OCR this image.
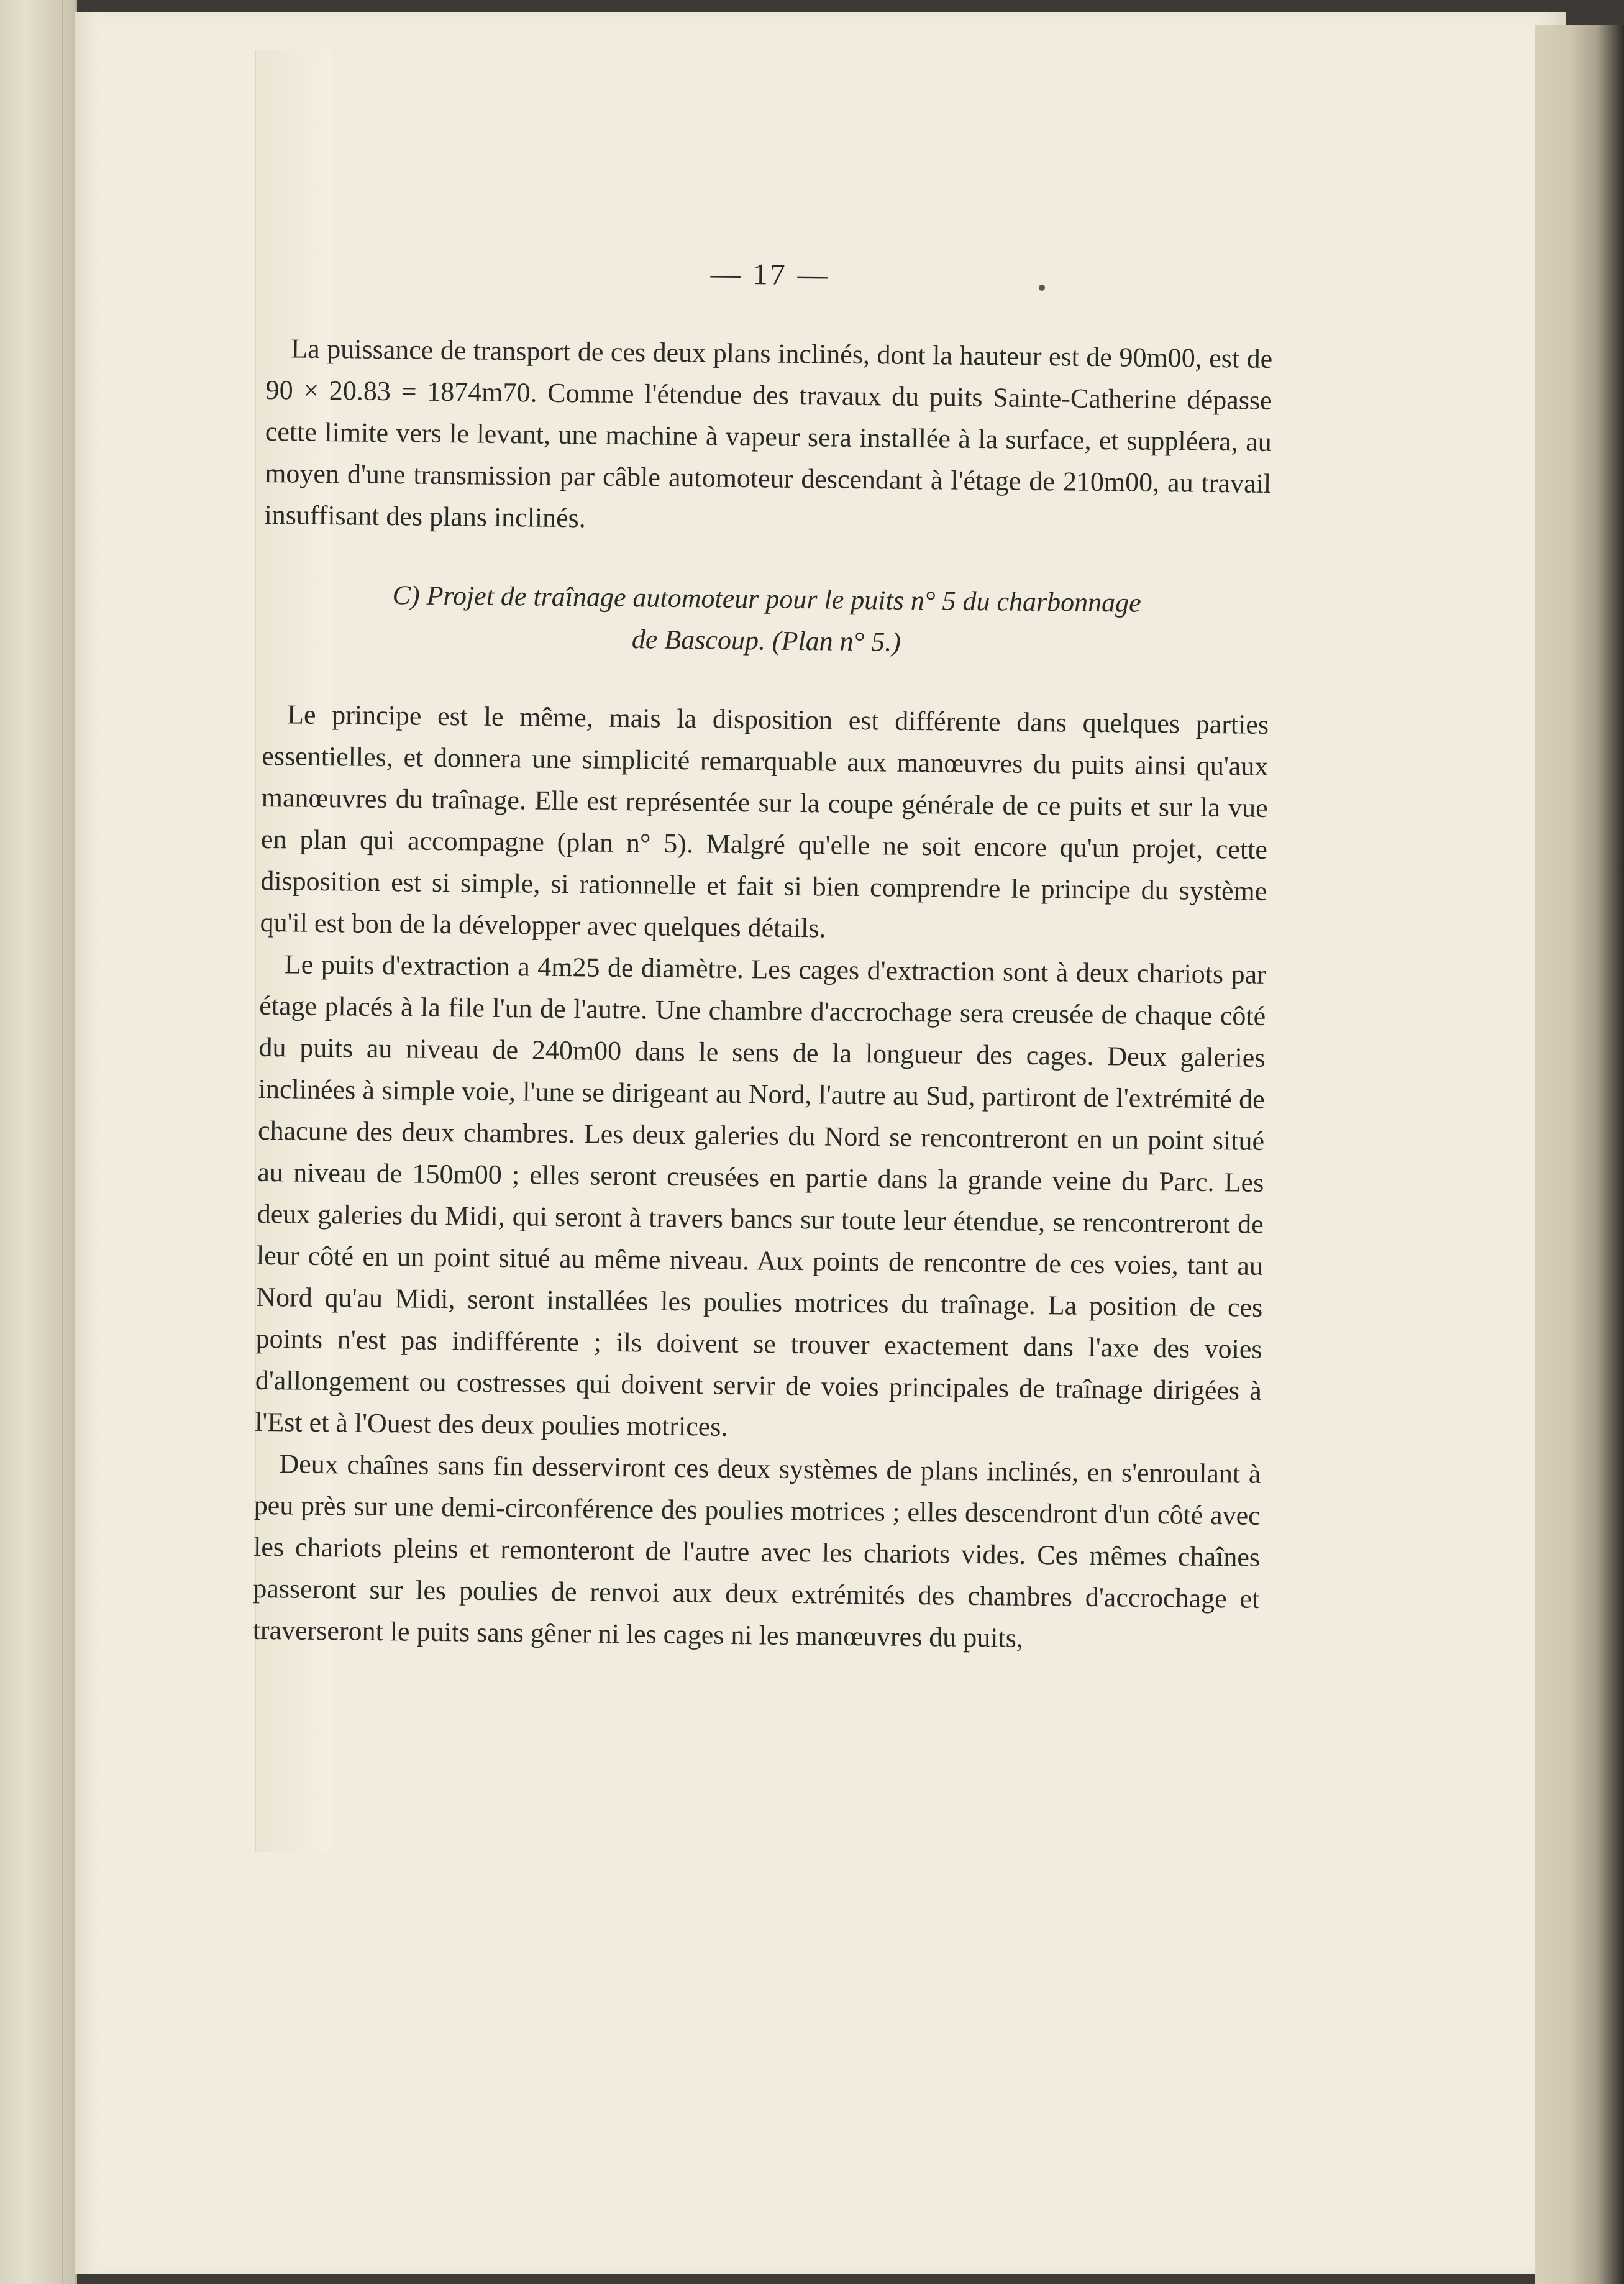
— 17 —

La puissance de transport de ces deux plans inclinés, dont la hauteur est de 90m00, est de 90 × 20.83 = 1874m70. Comme l'étendue des travaux du puits Sainte-Catherine dépasse cette limite vers le levant, une machine à vapeur sera installée à la surface, et suppléera, au moyen d'une transmission par câble automoteur descendant à l'étage de 210m00, au travail insuffisant des plans inclinés.

C) Projet de traînage automoteur pour le puits n° 5 du charbonnage
de Bascoup. (Plan n° 5.)

Le principe est le même, mais la disposition est différente dans quelques parties essentielles, et donnera une simplicité remarquable aux manœuvres du puits ainsi qu'aux manœuvres du traînage. Elle est représentée sur la coupe générale de ce puits et sur la vue en plan qui accompagne (plan n° 5). Malgré qu'elle ne soit encore qu'un projet, cette disposition est si simple, si rationnelle et fait si bien comprendre le principe du système qu'il est bon de la développer avec quelques détails.

Le puits d'extraction a 4m25 de diamètre. Les cages d'extraction sont à deux chariots par étage placés à la file l'un de l'autre. Une chambre d'accrochage sera creusée de chaque côté du puits au niveau de 240m00 dans le sens de la longueur des cages. Deux galeries inclinées à simple voie, l'une se dirigeant au Nord, l'autre au Sud, partiront de l'extrémité de chacune des deux chambres. Les deux galeries du Nord se rencontreront en un point situé au niveau de 150m00 ; elles seront creusées en partie dans la grande veine du Parc. Les deux galeries du Midi, qui seront à travers bancs sur toute leur étendue, se rencontreront de leur côté en un point situé au même niveau. Aux points de rencontre de ces voies, tant au Nord qu'au Midi, seront installées les poulies motrices du traînage. La position de ces points n'est pas indifférente ; ils doivent se trouver exactement dans l'axe des voies d'allongement ou costresses qui doivent servir de voies principales de traînage dirigées à l'Est et à l'Ouest des deux poulies motrices.

Deux chaînes sans fin desserviront ces deux systèmes de plans inclinés, en s'enroulant à peu près sur une demi-circonférence des poulies motrices ; elles descendront d'un côté avec les chariots pleins et remonteront de l'autre avec les chariots vides. Ces mêmes chaînes passeront sur les poulies de renvoi aux deux extrémités des chambres d'accrochage et traverseront le puits sans gêner ni les cages ni les manœuvres du puits,
